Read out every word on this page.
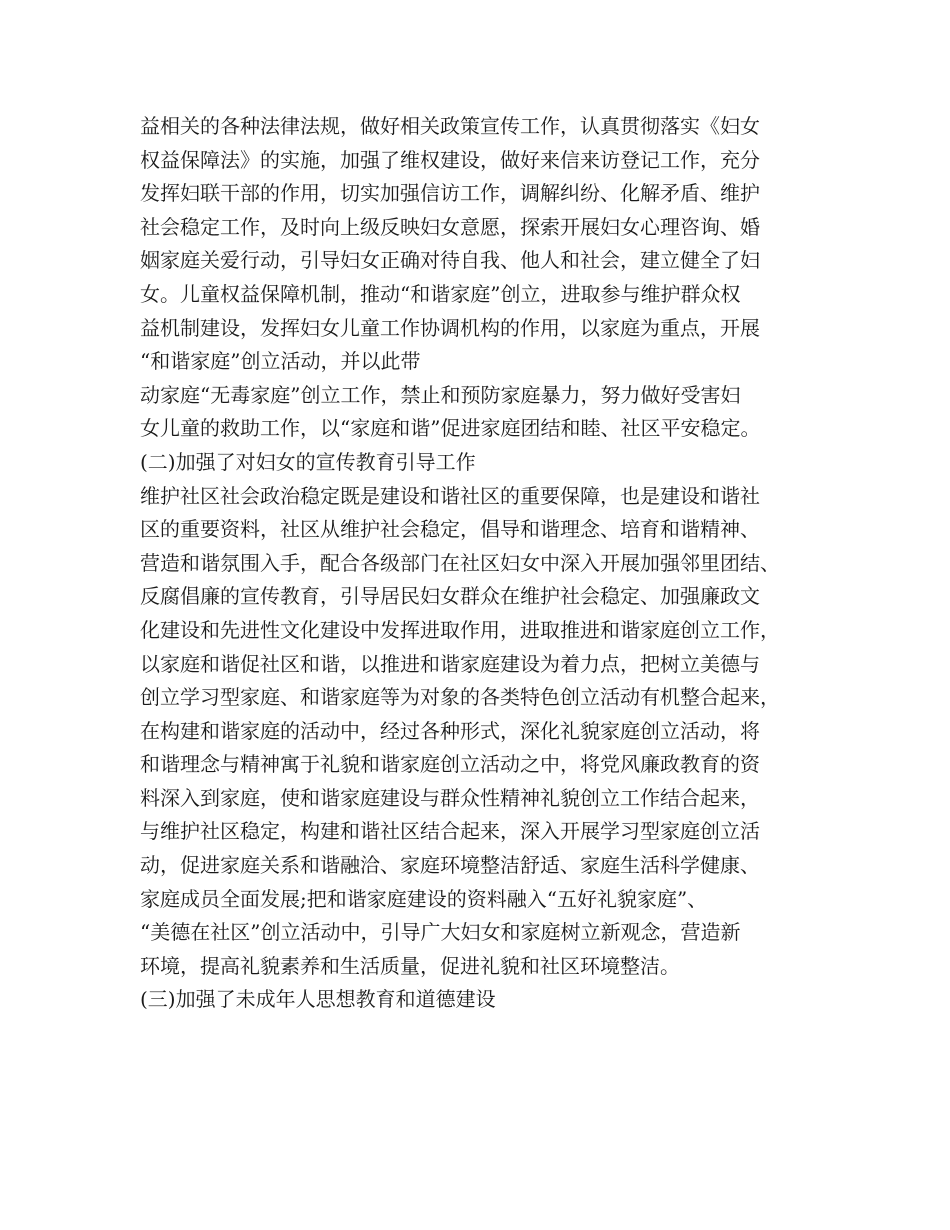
益相关的各种法律法规，做好相关政策宣传工作，认真贯彻落实《妇女
权益保障法》的实施，加强了维权建设，做好来信来访登记工作，充分
发挥妇联干部的作用，切实加强信访工作，调解纠纷、化解矛盾、维护
社会稳定工作，及时向上级反映妇女意愿，探索开展妇女心理咨询、婚
姻家庭关爱行动，引导妇女正确对待自我、他人和社会，建立健全了妇
女。儿童权益保障机制，推动“和谐家庭”创立，进取参与维护群众权
益机制建设，发挥妇女儿童工作协调机构的作用，以家庭为重点，开展
“和谐家庭”创立活动，并以此带
动家庭“无毒家庭”创立工作，禁止和预防家庭暴力，努力做好受害妇
女儿童的救助工作，以“家庭和谐”促进家庭团结和睦、社区平安稳定。
(二)加强了对妇女的宣传教育引导工作
维护社区社会政治稳定既是建设和谐社区的重要保障，也是建设和谐社
区的重要资料，社区从维护社会稳定，倡导和谐理念、培育和谐精神、
营造和谐氛围入手，配合各级部门在社区妇女中深入开展加强邻里团结、
反腐倡廉的宣传教育，引导居民妇女群众在维护社会稳定、加强廉政文
化建设和先进性文化建设中发挥进取作用，进取推进和谐家庭创立工作，
以家庭和谐促社区和谐，以推进和谐家庭建设为着力点，把树立美德与
创立学习型家庭、和谐家庭等为对象的各类特色创立活动有机整合起来，
在构建和谐家庭的活动中，经过各种形式，深化礼貌家庭创立活动，将
和谐理念与精神寓于礼貌和谐家庭创立活动之中，将党风廉政教育的资
料深入到家庭，使和谐家庭建设与群众性精神礼貌创立工作结合起来，
与维护社区稳定，构建和谐社区结合起来，深入开展学习型家庭创立活
动，促进家庭关系和谐融洽、家庭环境整洁舒适、家庭生活科学健康、
家庭成员全面发展;把和谐家庭建设的资料融入“五好礼貌家庭”、
“美德在社区”创立活动中，引导广大妇女和家庭树立新观念，营造新
环境，提高礼貌素养和生活质量，促进礼貌和社区环境整洁。
(三)加强了未成年人思想教育和道德建设
